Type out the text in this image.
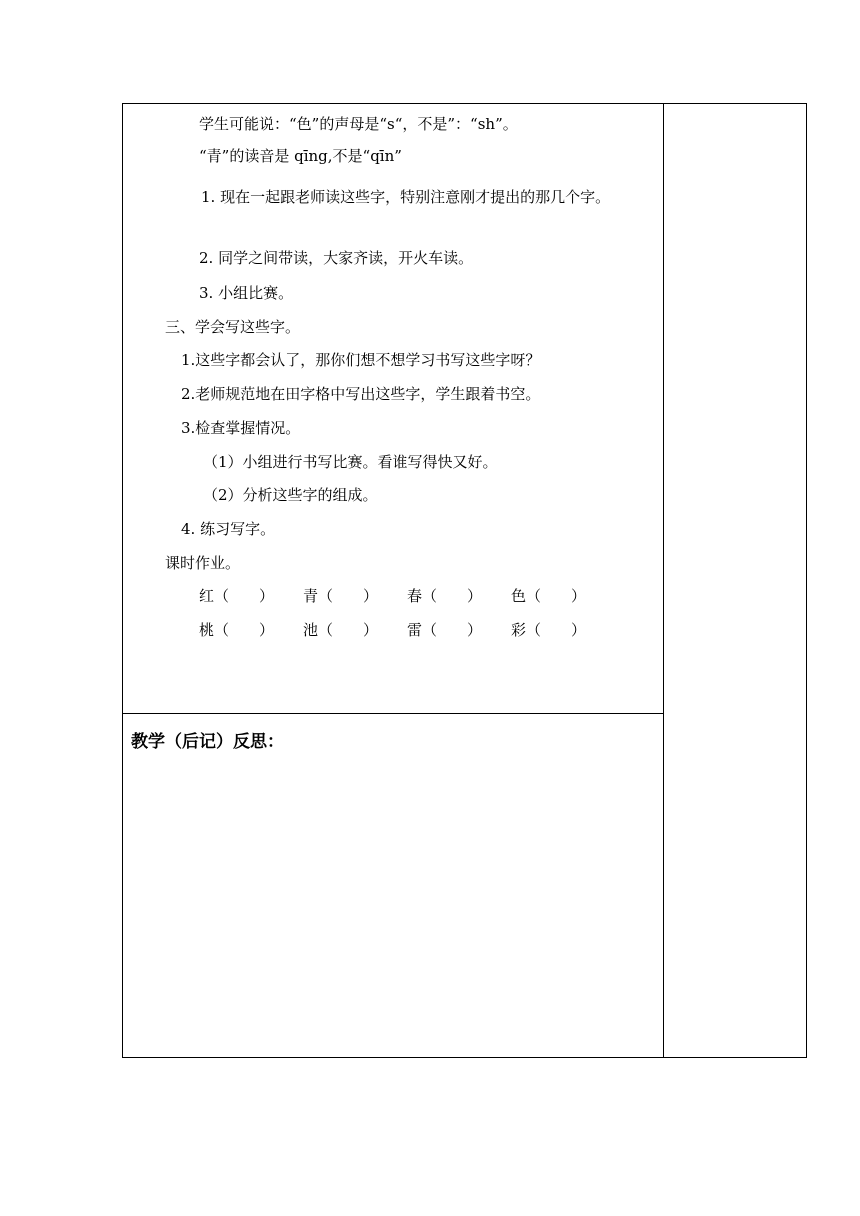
学生可能说：“色”的声母是“s“，不是”：“sh”。
“青”的读音是 qīng,不是“qīn”
1. 现在一起跟老师读这些字，特别注意刚才提出的那几个字。
2. 同学之间带读，大家齐读，开火车读。
3. 小组比赛。
三、学会写这些字。
1.这些字都会认了，那你们想不想学习书写这些字呀？
2.老师规范地在田字格中写出这些字，学生跟着书空。
3.检查掌握情况。
（1）小组进行书写比赛。看谁写得快又好。
（2）分析这些字的组成。
4. 练习写字。
课时作业。
红（　　） 青（　　） 春（　　） 色（　　）
桃（　　） 池（　　） 雷（　　） 彩（　　）
教学（后记）反思：
